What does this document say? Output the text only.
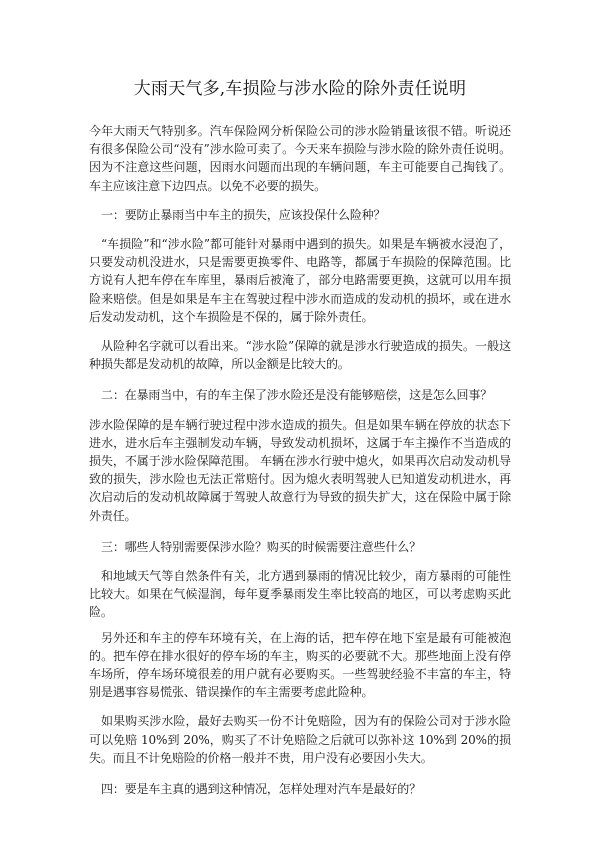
大雨天气多,车损险与涉水险的除外责任说明

今年大雨天气特别多。汽车保险网分析保险公司的涉水险销量该很不错。听说还有很多保险公司“没有”涉水险可卖了。今天来车损险与涉水险的除外责任说明。因为不注意这些问题，因雨水问题而出现的车辆问题，车主可能要自己掏钱了。车主应该注意下边四点。以免不必要的损失。

一：要防止暴雨当中车主的损失，应该投保什么险种？

“车损险”和“涉水险”都可能针对暴雨中遇到的损失。如果是车辆被水浸泡了，只要发动机没进水，只是需要更换零件、电路等，都属于车损险的保障范围。比方说有人把车停在车库里，暴雨后被淹了，部分电路需要更换，这就可以用车损险来赔偿。但是如果是车主在驾驶过程中涉水而造成的发动机的损坏，或在进水后发动发动机，这个车损险是不保的，属于除外责任。

从险种名字就可以看出来。“涉水险”保障的就是涉水行驶造成的损失。一般这种损失都是发动机的故障，所以金额是比较大的。

二：在暴雨当中，有的车主保了涉水险还是没有能够赔偿，这是怎么回事？

涉水险保障的是车辆行驶过程中涉水造成的损失。但是如果车辆在停放的状态下进水，进水后车主强制发动车辆，导致发动机损坏，这属于车主操作不当造成的损失，不属于涉水险保障范围。 车辆在涉水行驶中熄火，如果再次启动发动机导致的损失，涉水险也无法正常赔付。因为熄火表明驾驶人已知道发动机进水，再次启动后的发动机故障属于驾驶人故意行为导致的损失扩大，这在保险中属于除外责任。

三：哪些人特别需要保涉水险？购买的时候需要注意些什么？

和地域天气等自然条件有关，北方遇到暴雨的情况比较少，南方暴雨的可能性比较大。如果在气候湿润，每年夏季暴雨发生率比较高的地区，可以考虑购买此险。

另外还和车主的停车环境有关，在上海的话，把车停在地下室是最有可能被泡的。把车停在排水很好的停车场的车主，购买的必要就不大。那些地面上没有停车场所，停车场环境很差的用户就有必要购买。一些驾驶经验不丰富的车主，特别是遇事容易慌张、错误操作的车主需要考虑此险种。

如果购买涉水险，最好去购买一份不计免赔险，因为有的保险公司对于涉水险可以免赔 10%到 20%，购买了不计免赔险之后就可以弥补这 10%到 20%的损失。而且不计免赔险的价格一般并不贵，用户没有必要因小失大。

四：要是车主真的遇到这种情况，怎样处理对汽车是最好的？
